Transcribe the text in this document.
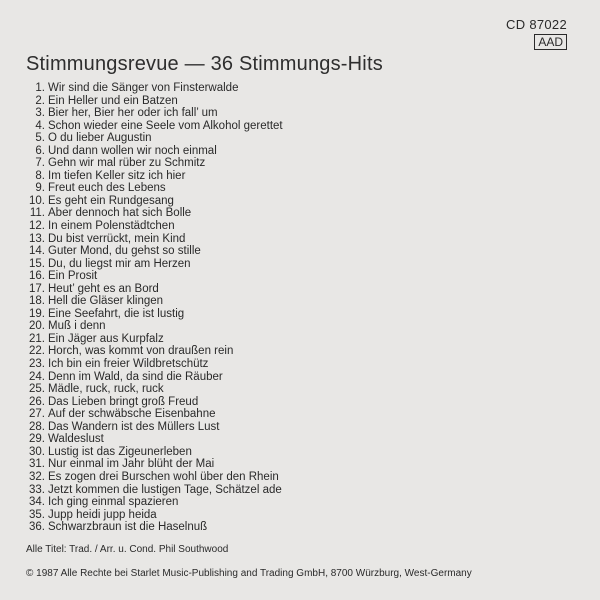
CD 87022
AAD
Stimmungsrevue — 36 Stimmungs-Hits
1. Wir sind die Sänger von Finsterwalde
2. Ein Heller und ein Batzen
3. Bier her, Bier her oder ich fall’ um
4. Schon wieder eine Seele vom Alkohol gerettet
5. O du lieber Augustin
6. Und dann wollen wir noch einmal
7. Gehn wir mal rüber zu Schmitz
8. Im tiefen Keller sitz ich hier
9. Freut euch des Lebens
10. Es geht ein Rundgesang
11. Aber dennoch hat sich Bolle
12. In einem Polenstädtchen
13. Du bist verrückt, mein Kind
14. Guter Mond, du gehst so stille
15. Du, du liegst mir am Herzen
16. Ein Prosit
17. Heut’ geht es an Bord
18. Hell die Gläser klingen
19. Eine Seefahrt, die ist lustig
20. Muß i denn
21. Ein Jäger aus Kurpfalz
22. Horch, was kommt von draußen rein
23. Ich bin ein freier Wildbretschütz
24. Denn im Wald, da sind die Räuber
25. Mädle, ruck, ruck, ruck
26. Das Lieben bringt groß Freud
27. Auf der schwäbsche Eisenbahne
28. Das Wandern ist des Müllers Lust
29. Waldeslust
30. Lustig ist das Zigeunerleben
31. Nur einmal im Jahr blüht der Mai
32. Es zogen drei Burschen wohl über den Rhein
33. Jetzt kommen die lustigen Tage, Schätzel ade
34. Ich ging einmal spazieren
35. Jupp heidi jupp heida
36. Schwarzbraun ist die Haselnuß
Alle Titel: Trad. / Arr. u. Cond. Phil Southwood
© 1987 Alle Rechte bei Starlet Music-Publishing and Trading GmbH, 8700 Würzburg, West-Germany
